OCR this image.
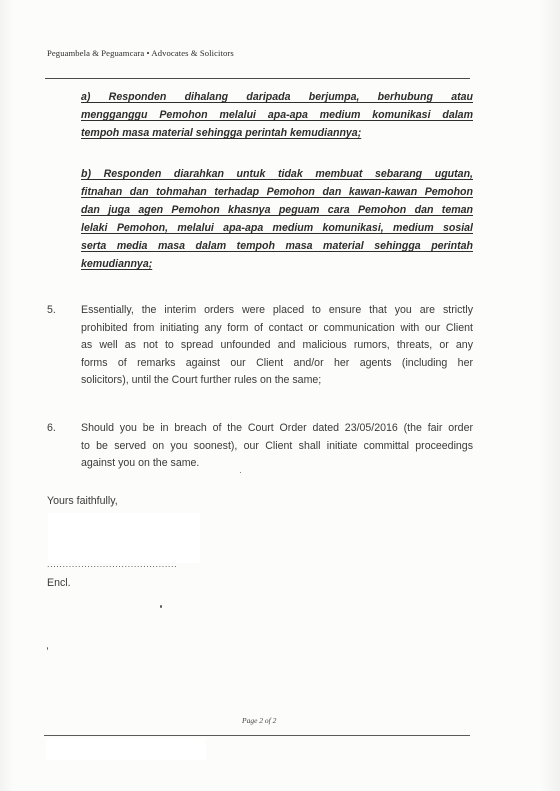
Peguambela & Peguamcara • Advocates & Solicitors
a) Responden dihalang daripada berjumpa, berhubung atau
mengganggu Pemohon melalui apa-apa medium komunikasi dalam
tempoh masa material sehingga perintah kemudiannya;
b) Responden diarahkan untuk tidak membuat sebarang ugutan,
fitnahan dan tohmahan terhadap Pemohon dan kawan-kawan Pemohon
dan juga agen Pemohon khasnya peguam cara Pemohon dan teman
lelaki Pemohon, melalui apa-apa medium komunikasi, medium sosial
serta media masa dalam tempoh masa material sehingga perintah
kemudiannya;
5. Essentially, the interim orders were placed to ensure that you are strictly
prohibited from initiating any form of contact or communication with our Client
as well as not to spread unfounded and malicious rumors, threats, or any
forms of remarks against our Client and/or her agents (including her
solicitors), until the Court further rules on the same;
6. Should you be in breach of the Court Order dated 23/05/2016 (the fair order
to be served on you soonest), our Client shall initiate committal proceedings
against you on the same.
Yours faithfully,
..........................................
Encl.
Page 2 of 2
